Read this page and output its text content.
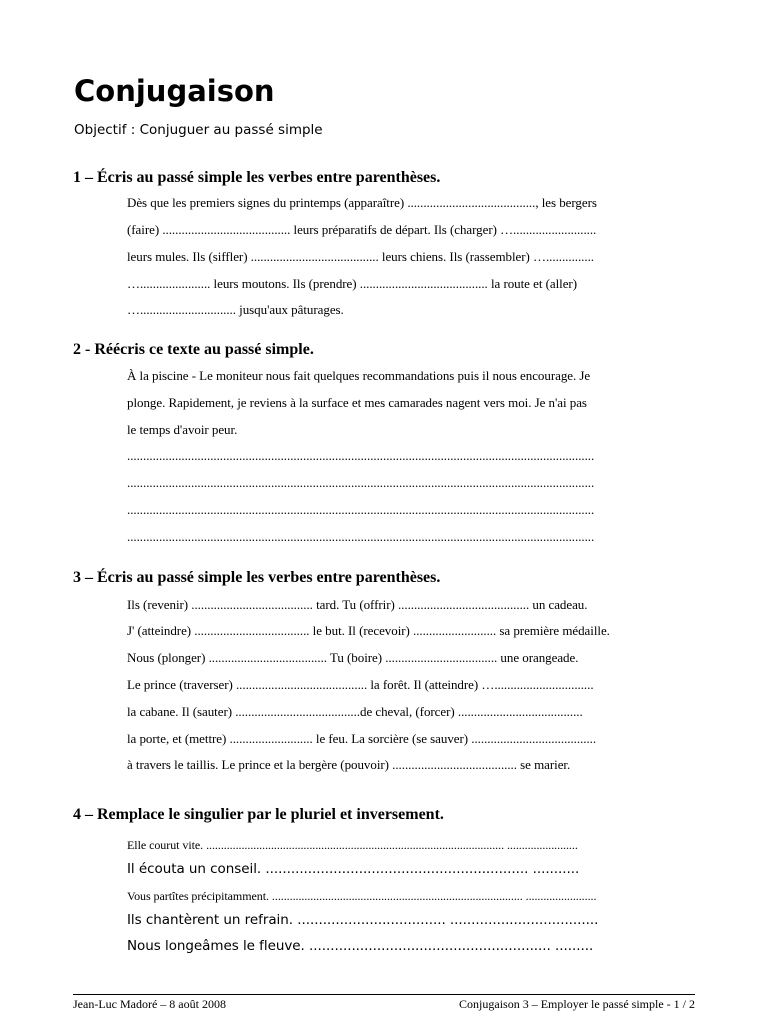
Conjugaison
Objectif : Conjuguer au passé simple
1 – Écris au passé simple les verbes entre parenthèses.
Dès que les premiers signes du printemps (apparaître) ........................................, les bergers
(faire) ........................................ leurs préparatifs de départ. Ils (charger) …..........................
leurs mules. Ils (siffler) ........................................ leurs chiens. Ils (rassembler) …...............
…...................... leurs moutons. Ils (prendre) ........................................ la route et (aller)
….............................. jusqu'aux pâturages.
2 - Réécris ce texte au passé simple.
À la piscine - Le moniteur nous fait quelques recommandations puis il nous encourage. Je
plonge. Rapidement, je reviens à la surface et mes camarades nagent vers moi. Je n'ai pas
le temps d'avoir peur.
..................................................................................................................................................
..................................................................................................................................................
..................................................................................................................................................
..................................................................................................................................................
3 – Écris au passé simple les verbes entre parenthèses.
Ils (revenir) ...................................... tard. Tu (offrir) ......................................... un cadeau.
J' (atteindre) .................................... le but. Il (recevoir) .......................... sa première médaille.
Nous (plonger) ..................................... Tu (boire) ................................... une orangeade.
Le prince (traverser) ......................................... la forêt. Il (atteindre) …...............................
la cabane. Il (sauter) .......................................de cheval, (forcer) .......................................
la porte, et (mettre) .......................... le feu. La sorcière (se sauver) .......................................
à travers le taillis. Le prince et la bergère (pouvoir) ....................................... se marier.
4 – Remplace le singulier par le pluriel et inversement.
Elle courut vite. ..................................................................................................... ........................
Il écouta un conseil. .............................................................. ...........
Vous partîtes précipitamment. ..................................................................................... ........................
Ils chantèrent un refrain. ................................... ...................................
Nous longeâmes le fleuve. ......................................................... .........
Jean-Luc Madoré – 8 août 2008	Conjugaison 3 – Employer le passé simple - 1 / 2
